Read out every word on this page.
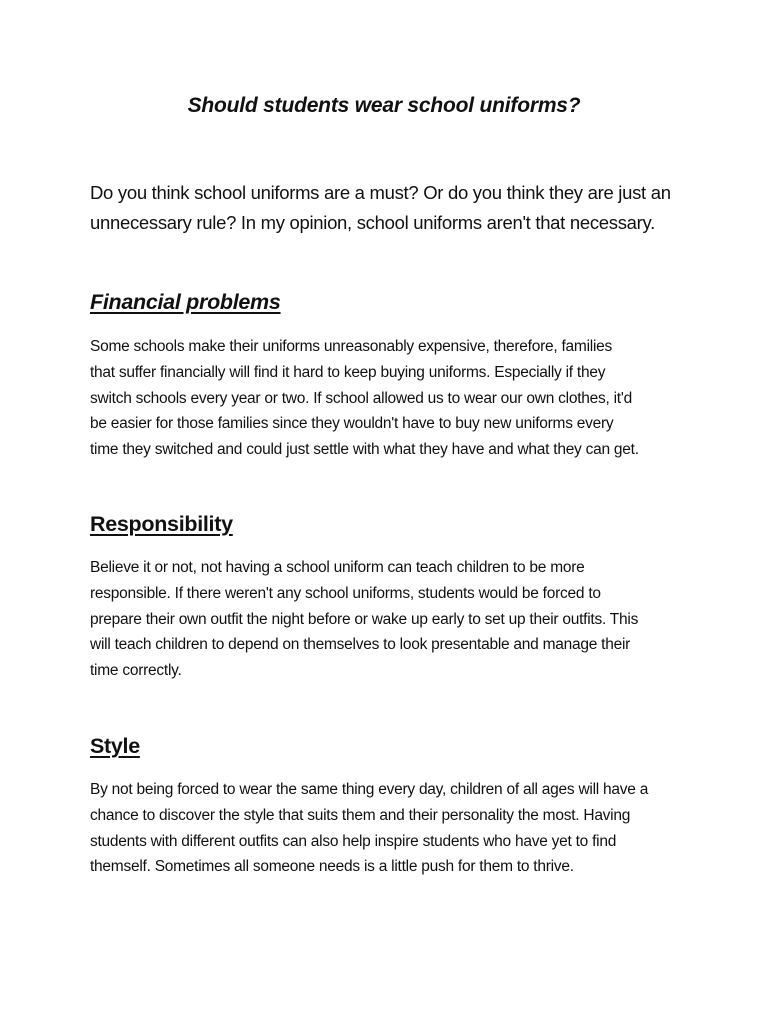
Should students wear school uniforms?

Do you think school uniforms are a must? Or do you think they are just an
unnecessary rule? In my opinion, school uniforms aren't that necessary.

Financial problems

Some schools make their uniforms unreasonably expensive, therefore, families
that suffer financially will find it hard to keep buying uniforms. Especially if they
switch schools every year or two. If school allowed us to wear our own clothes, it'd
be easier for those families since they wouldn't have to buy new uniforms every
time they switched and could just settle with what they have and what they can get.

Responsibility

Believe it or not, not having a school uniform can teach children to be more
responsible. If there weren't any school uniforms, students would be forced to
prepare their own outfit the night before or wake up early to set up their outfits. This
will teach children to depend on themselves to look presentable and manage their
time correctly.

Style

By not being forced to wear the same thing every day, children of all ages will have a
chance to discover the style that suits them and their personality the most. Having
students with different outfits can also help inspire students who have yet to find
themself. Sometimes all someone needs is a little push for them to thrive.
